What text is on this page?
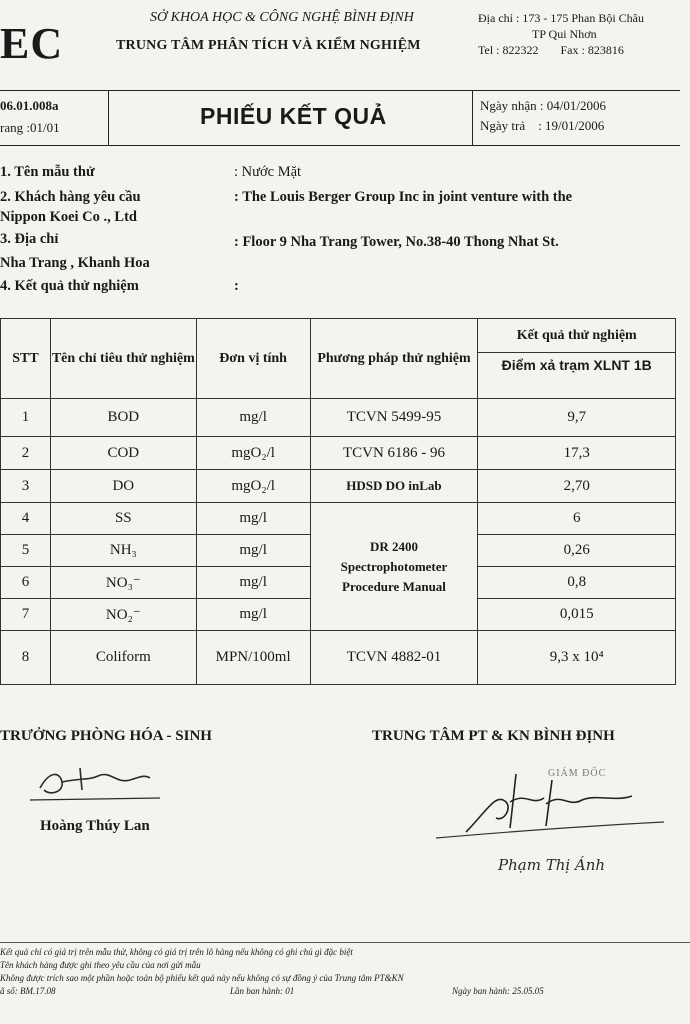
EC
SỞ KHOA HỌC & CÔNG NGHỆ BÌNH ĐỊNH
TRUNG TÂM PHÂN TÍCH VÀ KIỂM NGHIỆM
Địa chỉ : 173 - 175 Phan Bội Châu

TP Qui Nhơn
Tel : 822322 Fax : 823816
06.01.008a
rang :01/01	PHIẾU KẾT QUẢ	Ngày nhận : 04/01/2006
Ngày trả    : 19/01/2006
1. Tên mẫu thử	: Nước Mặt
2. Khách hàng yêu cầu	: The Louis Berger Group Inc in joint venture with the
Nippon Koei Co ., Ltd
3. Địa chỉ	: Floor 9 Nha Trang Tower, No.38-40 Thong Nhat St.
Nha Trang , Khanh Hoa
4. Kết quả thử nghiệm	:
STT	Tên chỉ tiêu thử nghiệm	Đơn vị tính	Phương pháp thử nghiệm	Kết quả thử nghiệm
				Điểm xả trạm XLNT 1B
1	BOD	mg/l	TCVN 5499-95	9,7
2	COD	mgO₂/l	TCVN 6186 - 96	17,3
3	DO	mgO₂/l	HDSD DO inLab	2,70
4	SS	mg/l	DR 2400
Spectrophotometer
Procedure Manual	6
5	NH₃	mg/l		0,26
6	NO₃⁻	mg/l		0,8
7	NO₂⁻	mg/l		0,015
8	Coliform	MPN/100ml	TCVN 4882-01	9,3 x 10⁴
TRƯỞNG PHÒNG HÓA - SINH	TRUNG TÂM PT & KN BÌNH ĐỊNH
Hoàng Thúy Lan
GIÁM ĐỐC
Phạm Thị Ánh
Kết quả chỉ có giá trị trên mẫu thử, không có giá trị trên lô hàng nếu không có ghi chú gì đặc biệt
Tên khách hàng được ghi theo yêu cầu của nơi gửi mẫu
Không được trích sao một phần hoặc toàn bộ phiếu kết quả này nếu không có sự đồng ý của Trung tâm PT&KN
ã số: BM.17.08	Lần ban hành: 01	Ngày ban hành: 25.05.05
